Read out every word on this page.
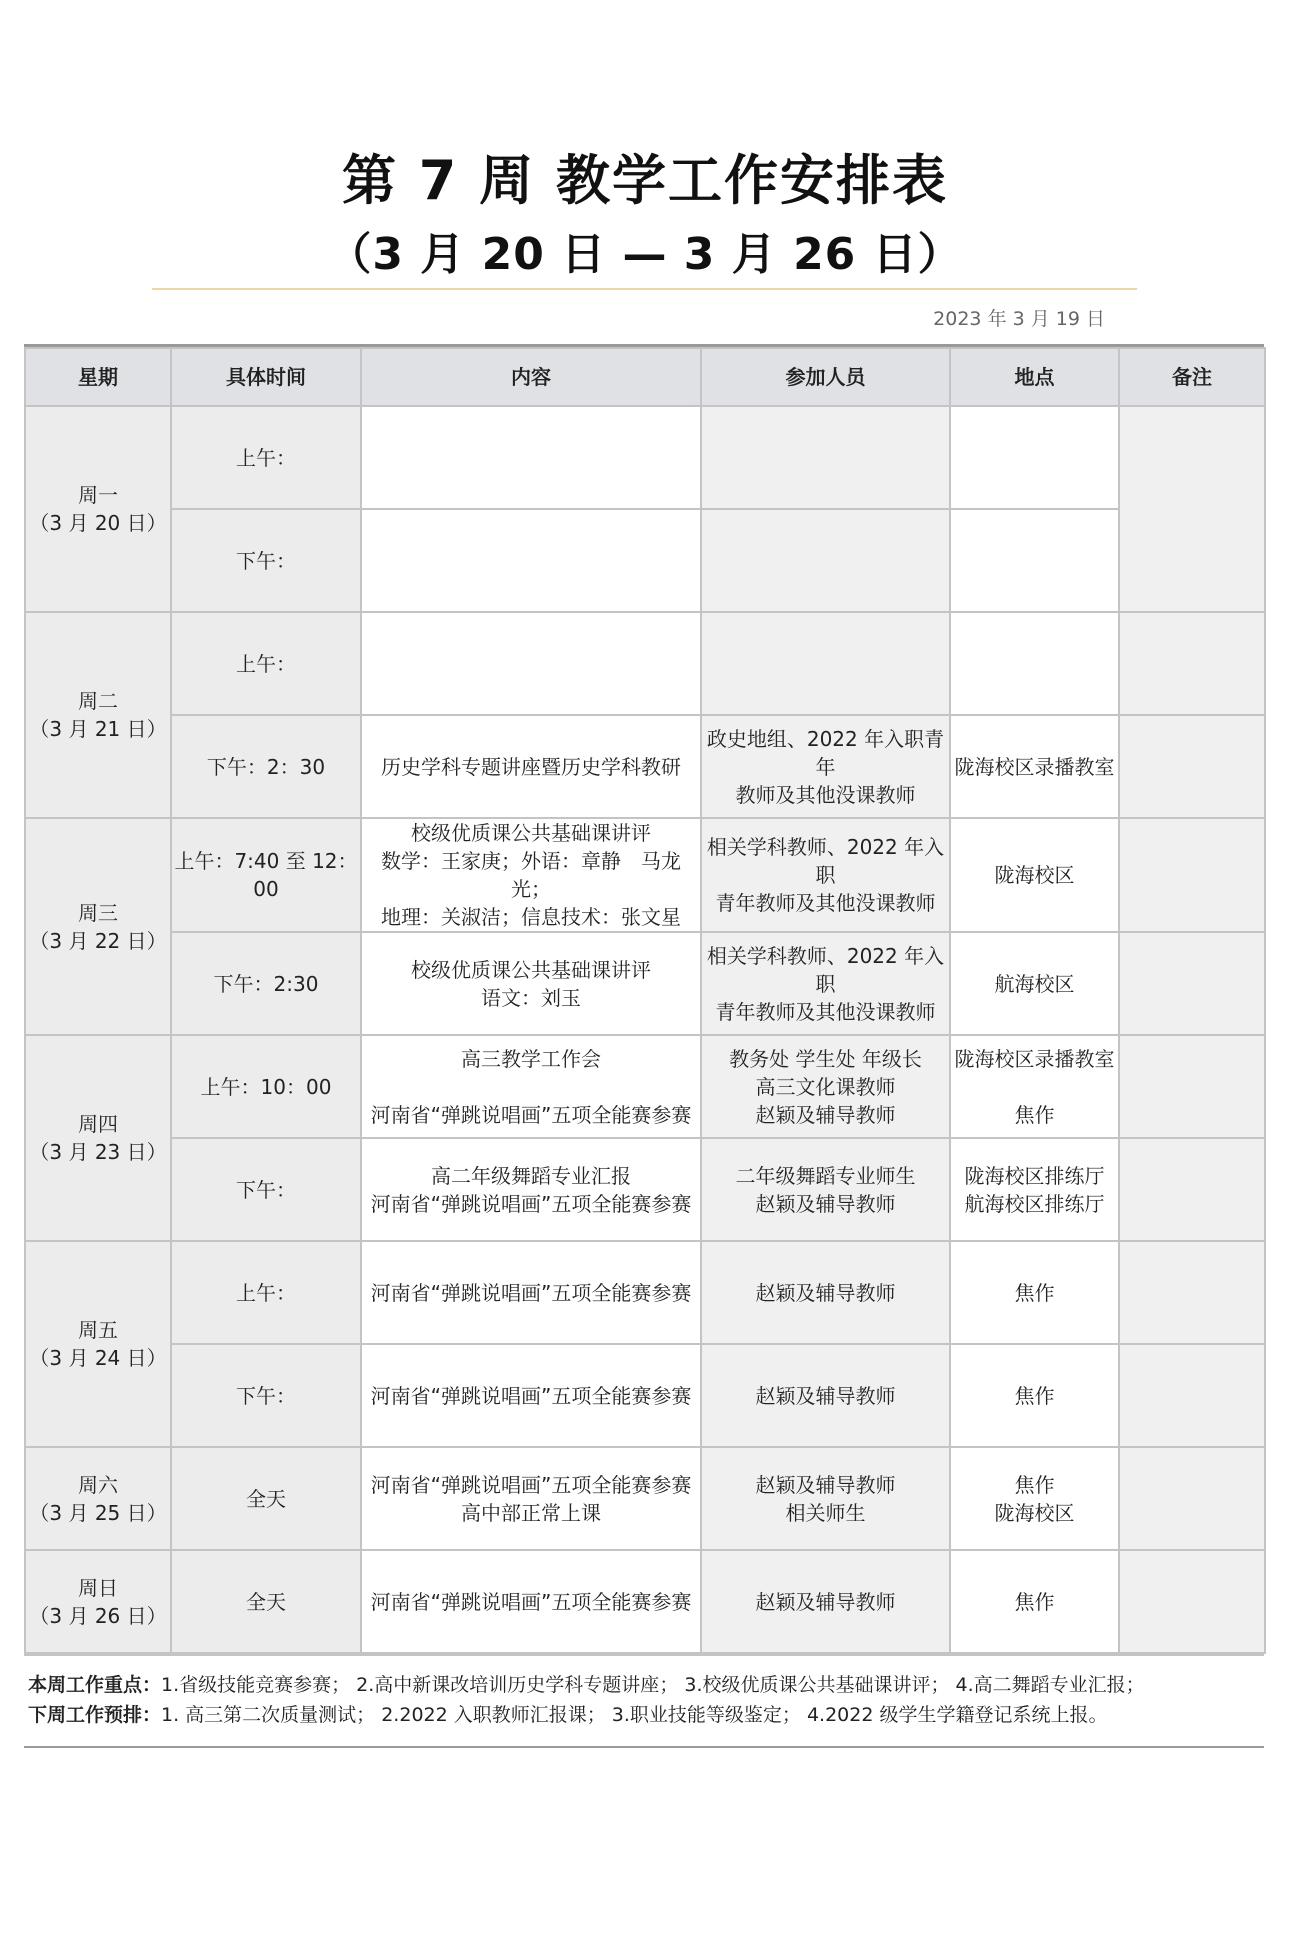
第 7 周 教学工作安排表
（3 月 20 日 — 3 月 26 日）
2023 年 3 月 19 日
星期	具体时间	内容	参加人员	地点	备注
周一
（3 月 20 日）	上午：				
	下午：				
周二
（3 月 21 日）	上午：				
	下午：2：30	历史学科专题讲座暨历史学科教研	政史地组、2022 年入职青年
教师及其他没课教师	陇海校区录播教室	
周三
（3 月 22 日）	上午：7:40 至 12：00	校级优质课公共基础课讲评
数学：王家庚；外语：章静　马龙光；
地理：关淑洁；信息技术：张文星	相关学科教师、2022 年入职
青年教师及其他没课教师	陇海校区	
	下午：2:30	校级优质课公共基础课讲评
语文：刘玉	相关学科教师、2022 年入职
青年教师及其他没课教师	航海校区	
周四
（3 月 23 日）	上午：10：00	高三教学工作会

河南省“弹跳说唱画”五项全能赛参赛	教务处 学生处 年级长
高三文化课教师
赵颖及辅导教师	陇海校区录播教室

焦作	
	下午：	高二年级舞蹈专业汇报
河南省“弹跳说唱画”五项全能赛参赛	二年级舞蹈专业师生
赵颖及辅导教师	陇海校区排练厅
航海校区排练厅	
周五
（3 月 24 日）	上午：	河南省“弹跳说唱画”五项全能赛参赛	赵颖及辅导教师	焦作	
	下午：	河南省“弹跳说唱画”五项全能赛参赛	赵颖及辅导教师	焦作	
周六
（3 月 25 日）	全天	河南省“弹跳说唱画”五项全能赛参赛
高中部正常上课	赵颖及辅导教师
相关师生	焦作
陇海校区	
周日
（3 月 26 日）	全天	河南省“弹跳说唱画”五项全能赛参赛	赵颖及辅导教师	焦作	
本周工作重点：1.省级技能竞赛参赛； 2.高中新课改培训历史学科专题讲座； 3.校级优质课公共基础课讲评； 4.高二舞蹈专业汇报；
下周工作预排：1. 高三第二次质量测试； 2.2022 入职教师汇报课； 3.职业技能等级鉴定； 4.2022 级学生学籍登记系统上报。
